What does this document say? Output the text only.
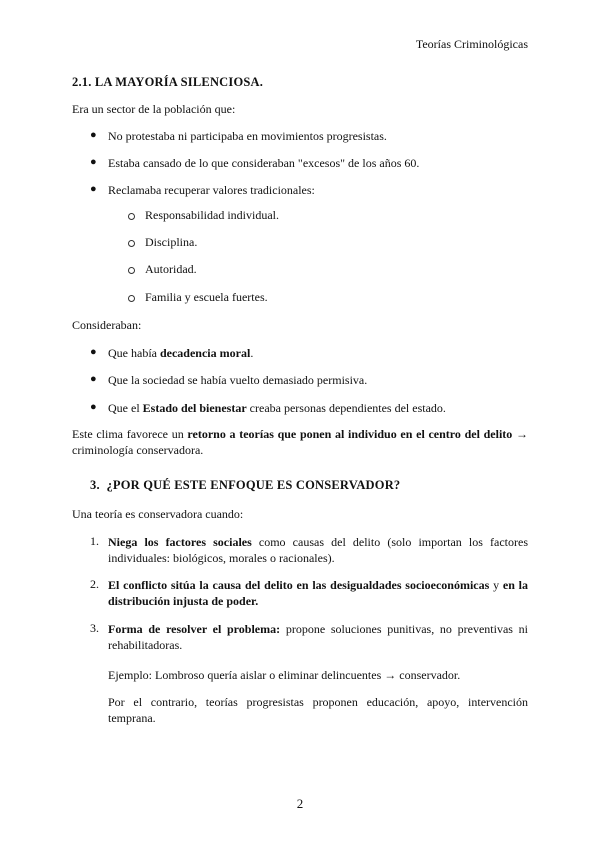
Teorías Criminológicas
2.1. LA MAYORÍA SILENCIOSA.
Era un sector de la población que:
● No protestaba ni participaba en movimientos progresistas.
● Estaba cansado de lo que consideraban "excesos" de los años 60.
● Reclamaba recuperar valores tradicionales:
Responsabilidad individual.
Disciplina.
Autoridad.
Familia y escuela fuertes.
Consideraban:
● Que había decadencia moral.
● Que la sociedad se había vuelto demasiado permisiva.
● Que el Estado del bienestar creaba personas dependientes del estado.
Este clima favorece un retorno a teorías que ponen al individuo en el centro del delito → criminología conservadora.
3. ¿POR QUÉ ESTE ENFOQUE ES CONSERVADOR?
Una teoría es conservadora cuando:
1. Niega los factores sociales como causas del delito (solo importan los factores individuales: biológicos, morales o racionales).
2. El conflicto sitúa la causa del delito en las desigualdades socioeconómicas y en la distribución injusta de poder.
3. Forma de resolver el problema: propone soluciones punitivas, no preventivas ni rehabilitadoras.
Ejemplo: Lombroso quería aislar o eliminar delincuentes → conservador.
Por el contrario, teorías progresistas proponen educación, apoyo, intervención temprana.
2
